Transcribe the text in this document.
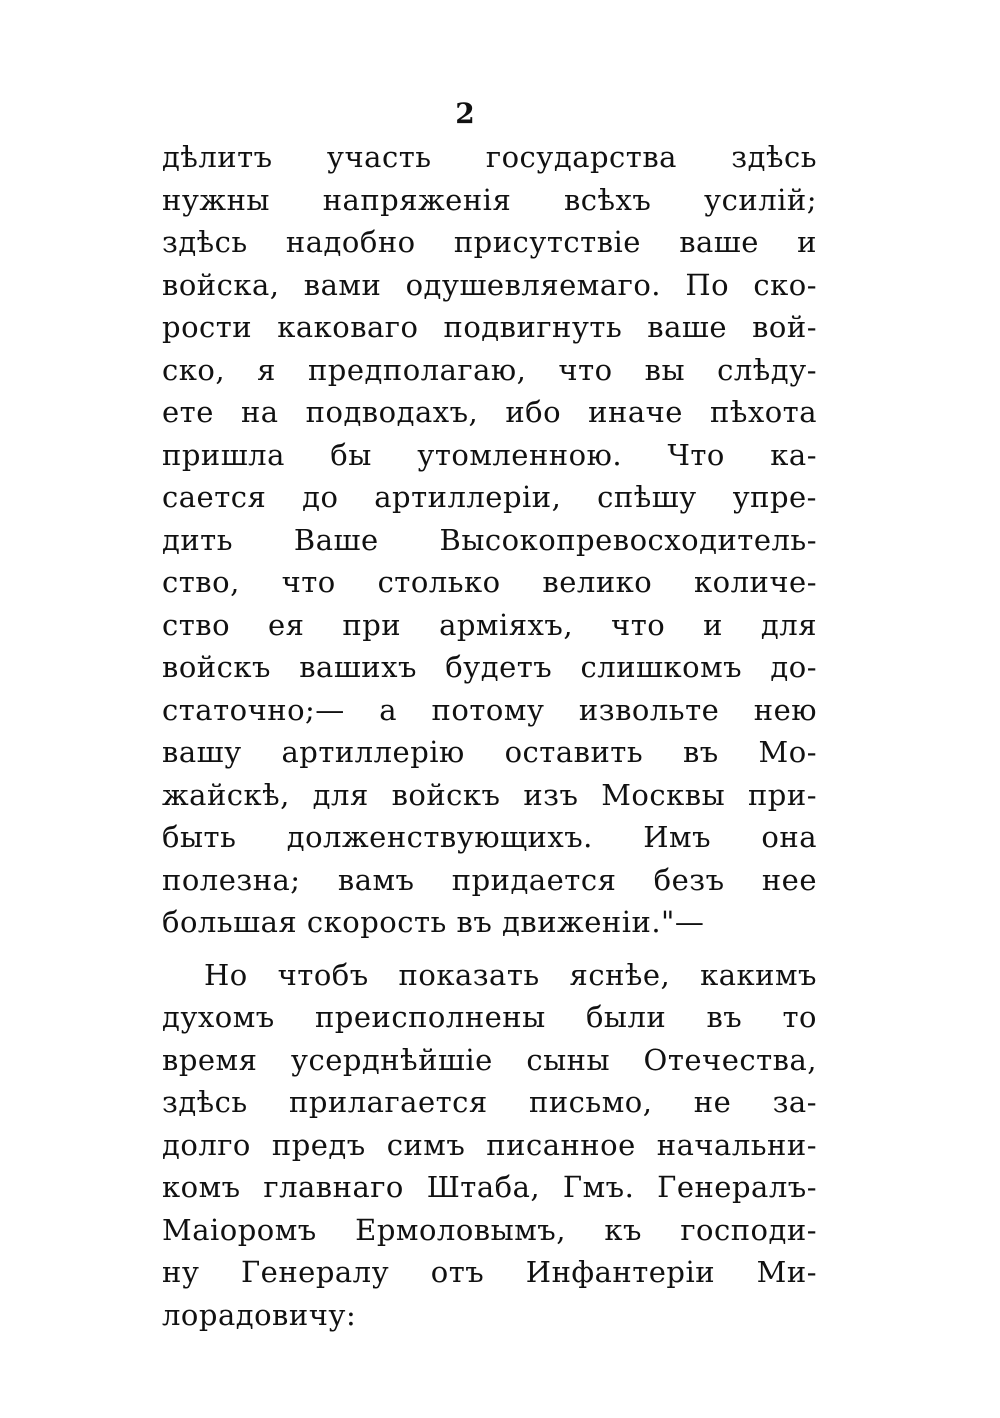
2
дѣлитъ участь государства здѣсь
нужны напряженія всѣхъ усилій;
здѣсь надобно присутствіе ваше и
войска, вами одушевляемаго. По ско-
рости каковаго подвигнуть ваше вой-
ско, я предполагаю, что вы слѣду-
ете на подводахъ, ибо иначе пѣхота
пришла бы утомленною. Что ка-
сается до артиллеріи, спѣшу упре-
дить Ваше Высокопревосходитель-
ство, что столько велико количе-
ство ея при арміяхъ, что и для
войскъ вашихъ будетъ слишкомъ до-
статочно;— а потому извольте нею
вашу артиллерію оставить въ Мо-
жайскѣ, для войскъ изъ Москвы при-
быть долженствующихъ. Имъ она
полезна; вамъ придается безъ нее
большая скорость въ движеніи."—
Но чтобъ показать яснѣе, какимъ
духомъ преисполнены были въ то
время усерднѣйшіе сыны Отечества,
здѣсь прилагается письмо, не за-
долго предъ симъ писанное начальни-
комъ главнаго Штаба, Гмъ. Генералъ-
Маіоромъ Ермоловымъ, къ господи-
ну Генералу отъ Инфантеріи Ми-
лорадовичу:
